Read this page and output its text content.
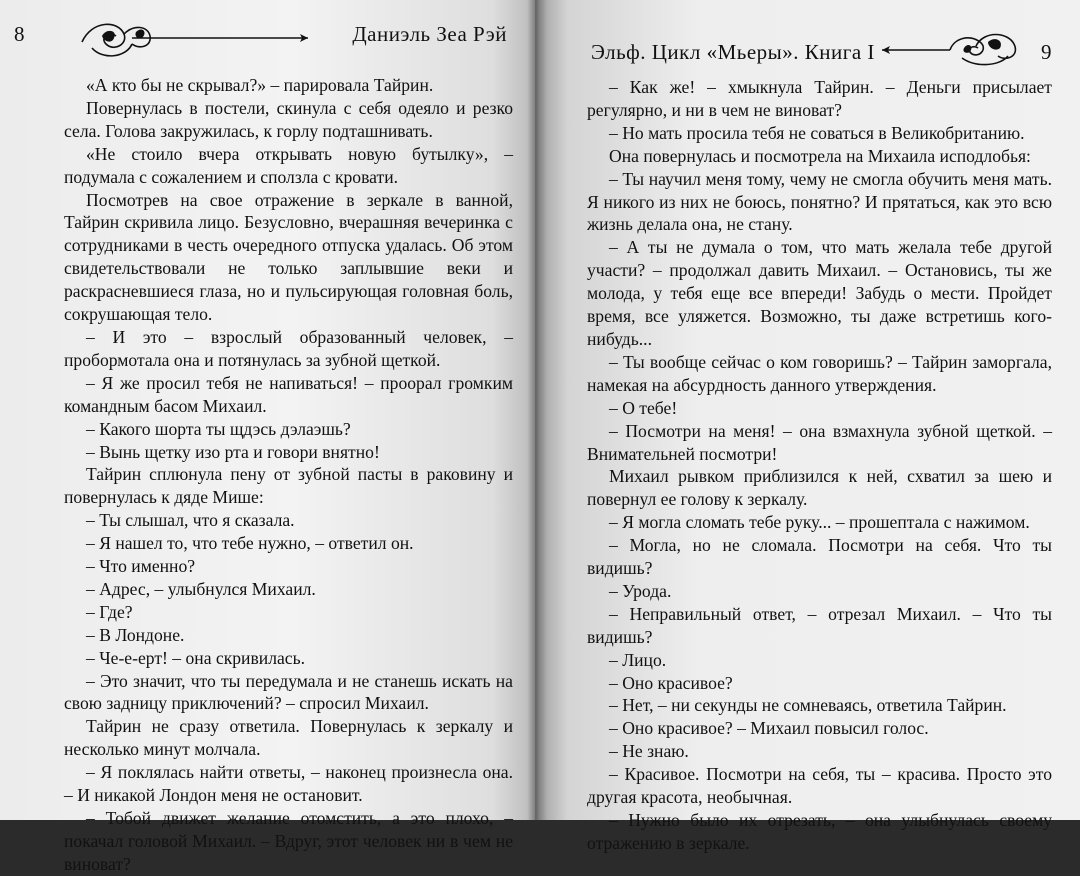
8	Даниэль Зеа Рэй

«А кто бы не скрывал?» – парировала Тайрин.

Повернулась в постели, скинула с себя одеяло и резко села. Голова закружилась, к горлу подташнивать.

«Не стоило вчера открывать новую бутылку», – подумала с сожалением и сползла с кровати.

Посмотрев на свое отражение в зеркале в ванной, Тайрин скривила лицо. Безусловно, вчерашняя вечеринка с сотрудниками в честь очередного отпуска удалась. Об этом свидетельствовали не только заплывшие веки и раскрасневшиеся глаза, но и пульсирующая головная боль, сокрушающая тело.

– И это – взрослый образованный человек, – пробормотала она и потянулась за зубной щеткой.

– Я же просил тебя не напиваться! – проорал громким командным басом Михаил.

– Какого шорта ты щдэсь дэлаэшь?

– Вынь щетку изо рта и говори внятно!

Тайрин сплюнула пену от зубной пасты в раковину и повернулась к дяде Мише:

– Ты слышал, что я сказала.

– Я нашел то, что тебе нужно, – ответил он.

– Что именно?

– Адрес, – улыбнулся Михаил.

– Где?

– В Лондоне.

– Че-е-ерт! – она скривилась.

– Это значит, что ты передумала и не станешь искать на свою задницу приключений? – спросил Михаил.

Тайрин не сразу ответила. Повернулась к зеркалу и несколько минут молчала.

– Я поклялась найти ответы, – наконец произнесла она. – И никакой Лондон меня не остановит.

– Тобой движет желание отомстить, а это плохо, – покачал головой Михаил. – Вдруг, этот человек ни в чем не виноват?

Эльф. Цикл «Мьеры». Книга I	9

– Как же! – хмыкнула Тайрин. – Деньги присылает регулярно, и ни в чем не виноват?

– Но мать просила тебя не соваться в Великобританию.

Она повернулась и посмотрела на Михаила исподлобья:

– Ты научил меня тому, чему не смогла обучить меня мать. Я никого из них не боюсь, понятно? И прятаться, как это всю жизнь делала она, не стану.

– А ты не думала о том, что мать желала тебе другой участи? – продолжал давить Михаил. – Остановись, ты же молода, у тебя еще все впереди! Забудь о мести. Пройдет время, все уляжется. Возможно, ты даже встретишь кого-нибудь...

– Ты вообще сейчас о ком говоришь? – Тайрин заморгала, намекая на абсурдность данного утверждения.

– О тебе!

– Посмотри на меня! – она взмахнула зубной щеткой. – Внимательней посмотри!

Михаил рывком приблизился к ней, схватил за шею и повернул ее голову к зеркалу.

– Я могла сломать тебе руку... – прошептала с нажимом.

– Могла, но не сломала. Посмотри на себя. Что ты видишь?

– Урода.

– Неправильный ответ, – отрезал Михаил. – Что ты видишь?

– Лицо.

– Оно красивое?

– Нет, – ни секунды не сомневаясь, ответила Тайрин.

– Оно красивое? – Михаил повысил голос.

– Не знаю.

– Красивое. Посмотри на себя, ты – красива. Просто это другая красота, необычная.

– Нужно было их отрезать, – она улыбнулась своему отражению в зеркале.
